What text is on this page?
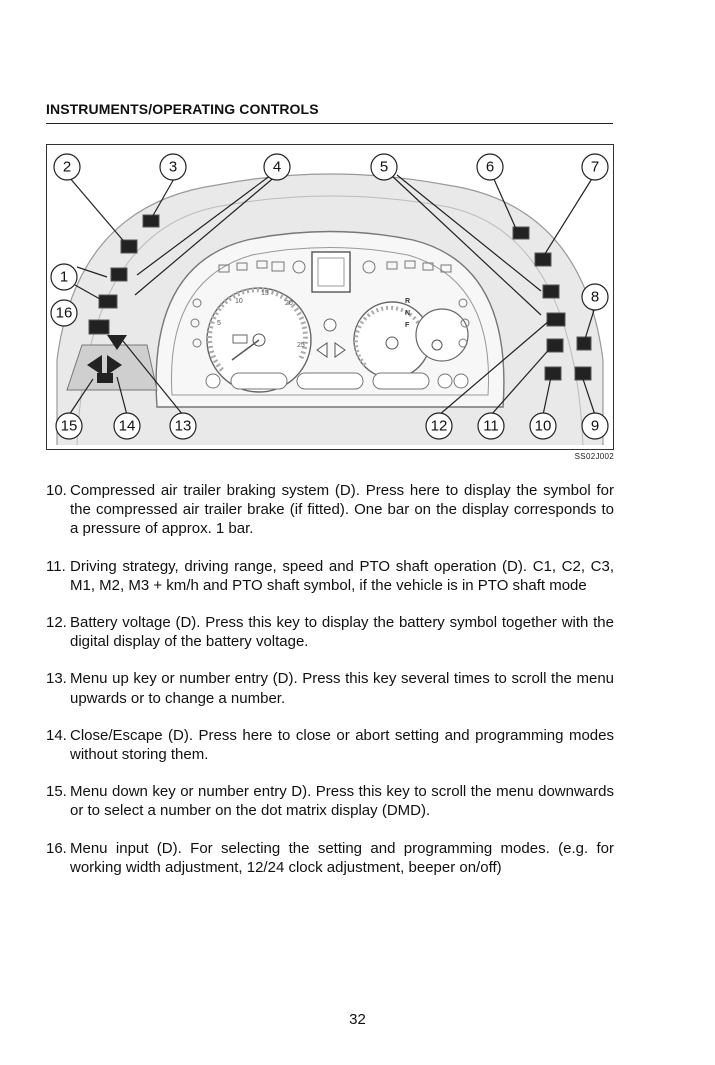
INSTRUMENTS/OPERATING CONTROLS
10
15
20
25
5
R
N
F
1
2	3	4	5	6	7
8
9
10
11
12
13
14
15
16
SS02J002
10. Compressed air trailer braking system (D). Press here to display the symbol for the compressed air trailer brake (if fitted). One bar on the display corresponds to a pressure of approx. 1 bar.
11. Driving strategy, driving range, speed and PTO shaft operation (D). C1, C2, C3, M1, M2, M3 + km/h and PTO shaft symbol, if the vehicle is in PTO shaft mode
12. Battery voltage (D). Press this key to display the battery symbol together with the digital display of the battery voltage.
13. Menu up key or number entry (D). Press this key several times to scroll the menu upwards or to change a number.
14. Close/Escape (D). Press here to close or abort setting and programming modes without storing them.
15. Menu down key or number entry D). Press this key to scroll the menu downwards or to select a number on the dot matrix display (DMD).
16. Menu input (D). For selecting the setting and programming modes. (e.g. for working width adjustment, 12/24 clock adjustment, beeper on/off)
32
